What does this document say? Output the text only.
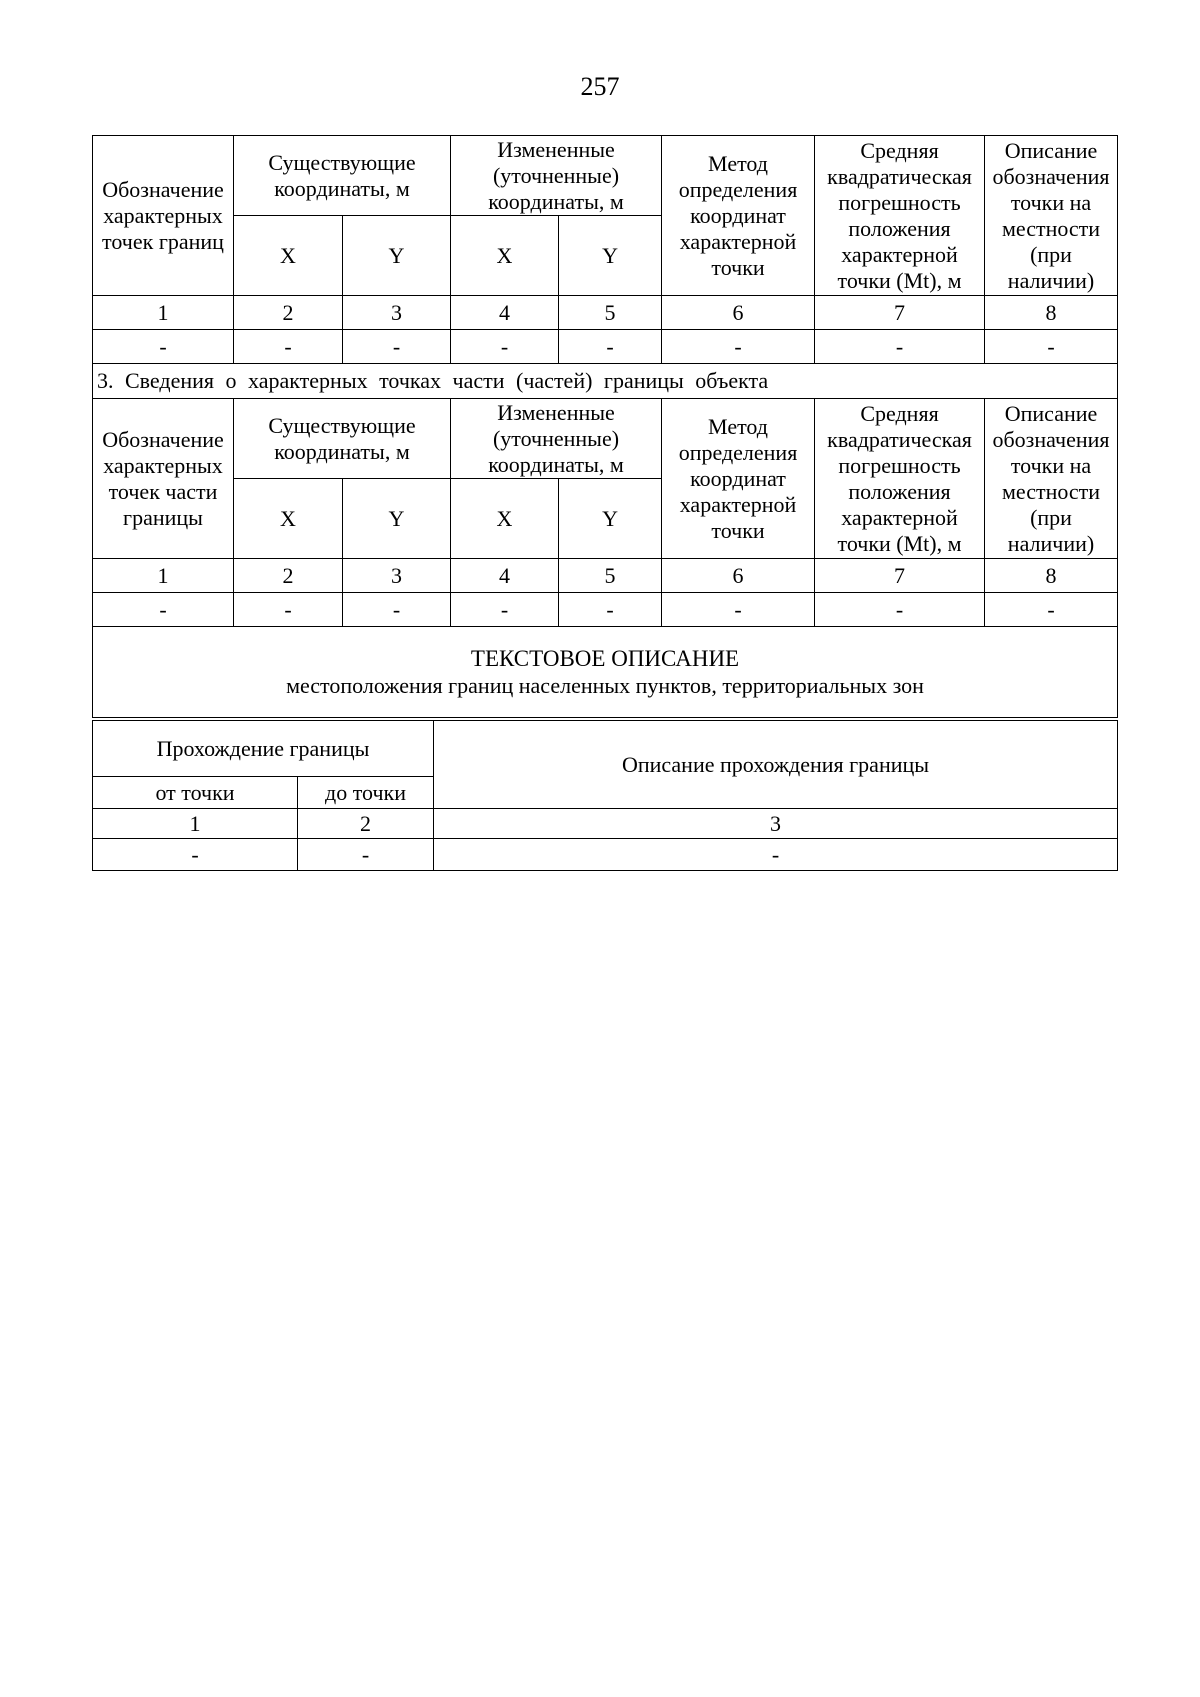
257
Обозначение характерных точек границ	Существующие координаты, м		Измененные (уточненные) координаты, м		Метод определения координат характерной точки	Средняя квадратическая погрешность положения характерной точки (Mt), м	Описание обозначения точки на местности (при наличии)
	X	Y	X	Y			
1	2	3	4	5	6	7	8
-	-	-	-	-	-	-	-
3. Сведения о характерных точках части (частей) границы объекта							
Обозначение характерных точек части границы	Существующие координаты, м		Измененные (уточненные) координаты, м		Метод определения координат характерной точки	Средняя квадратическая погрешность положения характерной точки (Mt), м	Описание обозначения точки на местности (при наличии)
	X	Y	X	Y			
1	2	3	4	5	6	7	8
-	-	-	-	-	-	-	-

ТЕКСТОВОЕ ОПИСАНИЕ
местоположения границ населенных пунктов, территориальных зон							
Прохождение границы		Описание прохождения границы
от точки	до точки	
1	2	3
-	-	-
